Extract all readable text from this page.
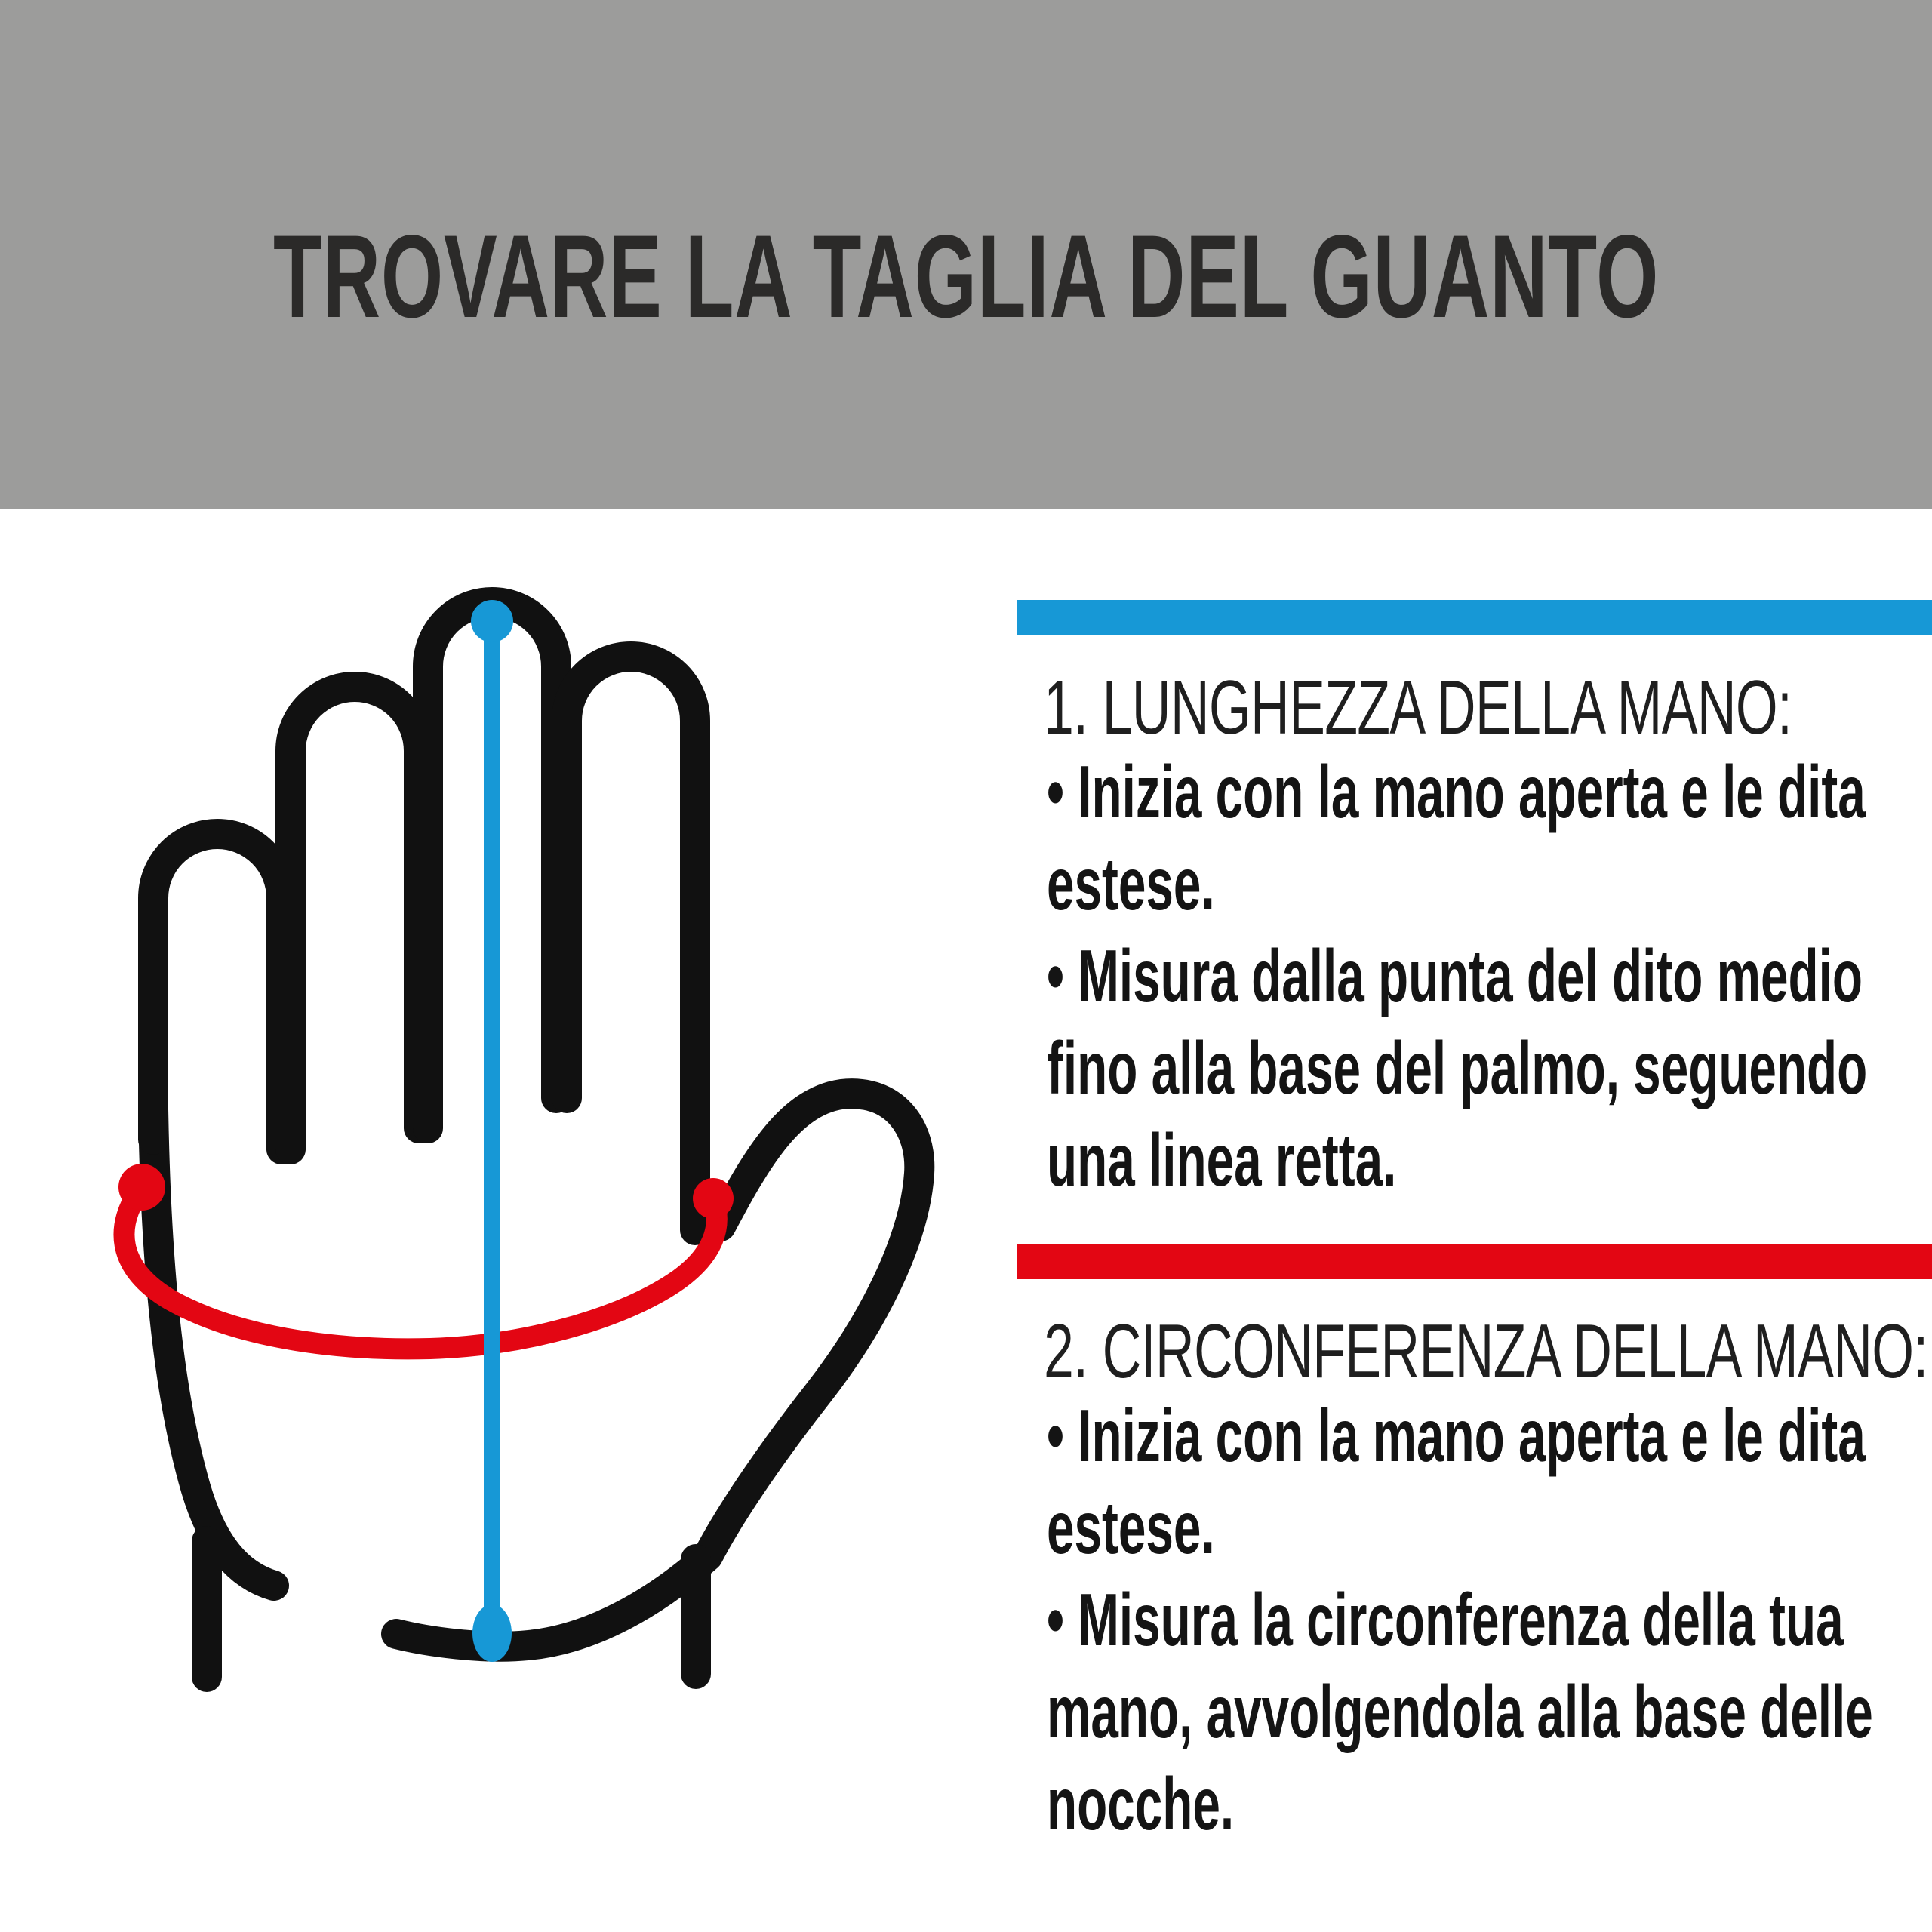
TROVARE LA TAGLIA DEL GUANTO
1. LUNGHEZZA DELLA MANO:
• Inizia con la mano aperta e le dita
estese.
• Misura dalla punta del dito medio
fino alla base del palmo, seguendo
una linea retta.
2. CIRCONFERENZA DELLA MANO:
• Inizia con la mano aperta e le dita
estese.
• Misura la circonferenza della tua
mano, avvolgendola alla base delle
nocche.
